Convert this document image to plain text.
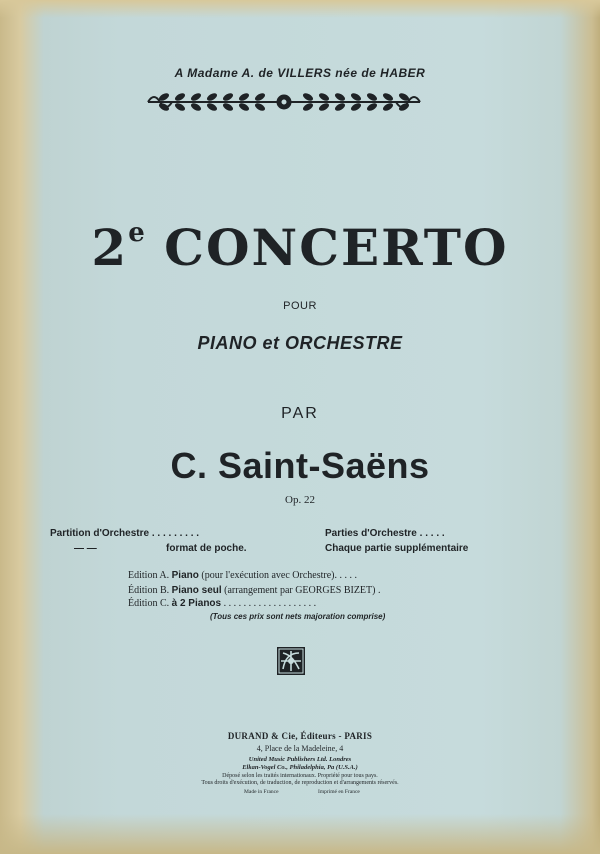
A Madame A. de VILLERS née de HABER
2e CONCERTO
POUR
PIANO et ORCHESTRE
PAR
C. Saint-Saëns
Op. 22
Partition d'Orchestre . . . . . . . . .
— —	format de poche.
Parties d'Orchestre . . . . .
Chaque partie supplémentaire
Edition A. Piano (pour l'exécution avec Orchestre). . . . .
Édition B. Piano seul (arrangement par GEORGES BIZET) .
Édition C. à 2 Pianos . . . . . . . . . . . . . . . . . . .
(Tous ces prix sont nets majoration comprise)
DURAND & Cie, Éditeurs - PARIS
4, Place de la Madeleine, 4
United Music Publishers Ltd. Londres
Elkan-Vogel Co., Philadelphia, Pa (U.S.A.)
Déposé selon les traités internationaux. Propriété pour tous pays.
Tous droits d'exécution, de traduction, de reproduction et d'arrangements réservés.
Made in France	Imprimé en France
